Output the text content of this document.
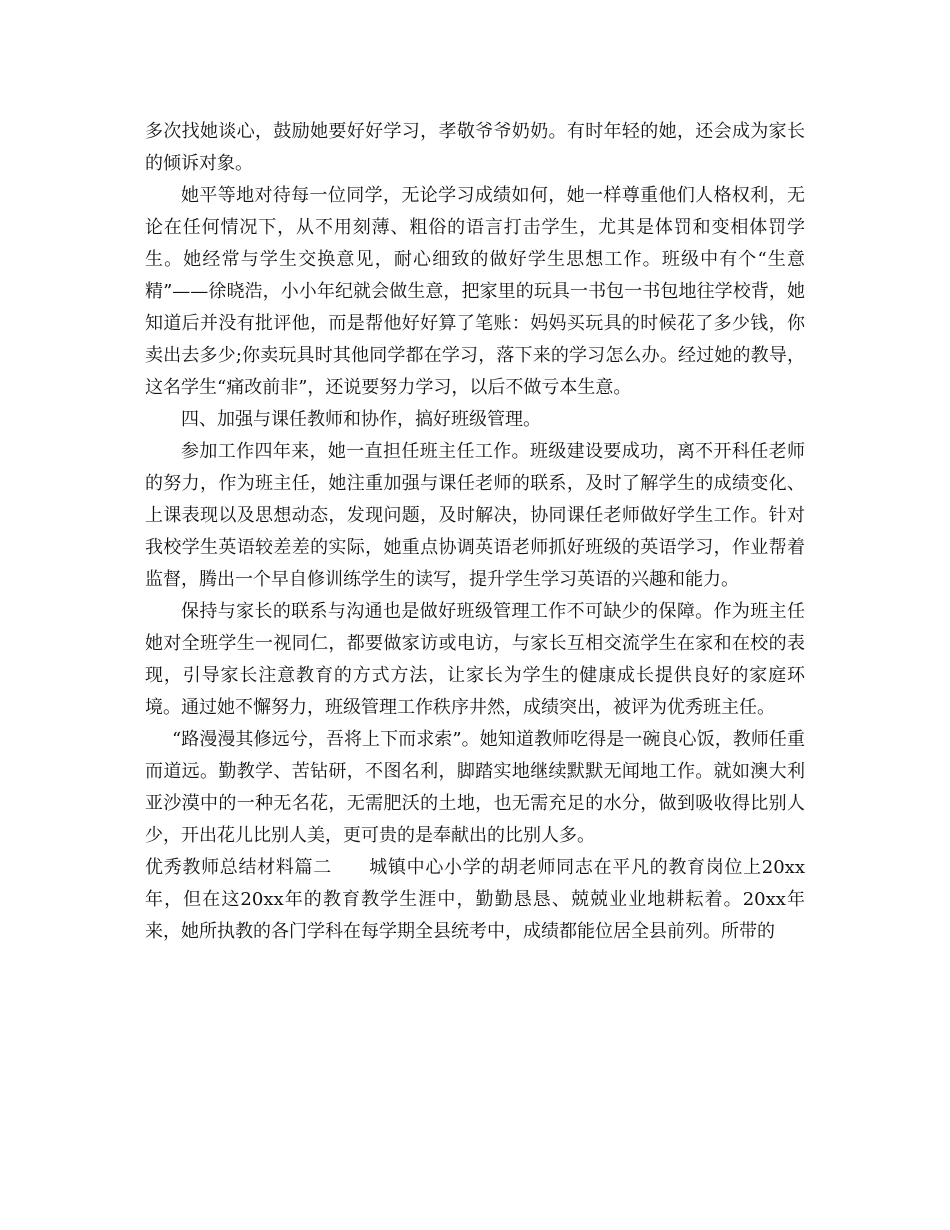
多次找她谈心，鼓励她要好好学习，孝敬爷爷奶奶。有时年轻的她，还会成为家长的倾诉对象。

她平等地对待每一位同学，无论学习成绩如何，她一样尊重他们人格权利，无论在任何情况下，从不用刻薄、粗俗的语言打击学生，尤其是体罚和变相体罚学生。她经常与学生交换意见，耐心细致的做好学生思想工作。班级中有个“生意精”——徐晓浩，小小年纪就会做生意，把家里的玩具一书包一书包地往学校背，她知道后并没有批评他，而是帮他好好算了笔账：妈妈买玩具的时候花了多少钱，你卖出去多少;你卖玩具时其他同学都在学习，落下来的学习怎么办。经过她的教导，这名学生“痛改前非”，还说要努力学习，以后不做亏本生意。

四、加强与课任教师和协作，搞好班级管理。

参加工作四年来，她一直担任班主任工作。班级建设要成功，离不开科任老师的努力，作为班主任，她注重加强与课任老师的联系，及时了解学生的成绩变化、上课表现以及思想动态，发现问题，及时解决，协同课任老师做好学生工作。针对我校学生英语较差差的实际，她重点协调英语老师抓好班级的英语学习，作业帮着监督，腾出一个早自修训练学生的读写，提升学生学习英语的兴趣和能力。

保持与家长的联系与沟通也是做好班级管理工作不可缺少的保障。作为班主任她对全班学生一视同仁，都要做家访或电访，与家长互相交流学生在家和在校的表现，引导家长注意教育的方式方法，让家长为学生的健康成长提供良好的家庭环境。通过她不懈努力，班级管理工作秩序井然，成绩突出，被评为优秀班主任。

“路漫漫其修远兮，吾将上下而求索”。她知道教师吃得是一碗良心饭，教师任重而道远。勤教学、苦钻研，不图名利，脚踏实地继续默默无闻地工作。就如澳大利亚沙漠中的一种无名花，无需肥沃的土地，也无需充足的水分，做到吸收得比别人少，开出花儿比别人美，更可贵的是奉献出的比别人多。

优秀教师总结材料篇二　　城镇中心小学的胡老师同志在平凡的教育岗位上20xx年，但在这20xx年的教育教学生涯中，勤勤恳恳、兢兢业业地耕耘着。20xx年来，她所执教的各门学科在每学期全县统考中，成绩都能位居全县前列。所带的
